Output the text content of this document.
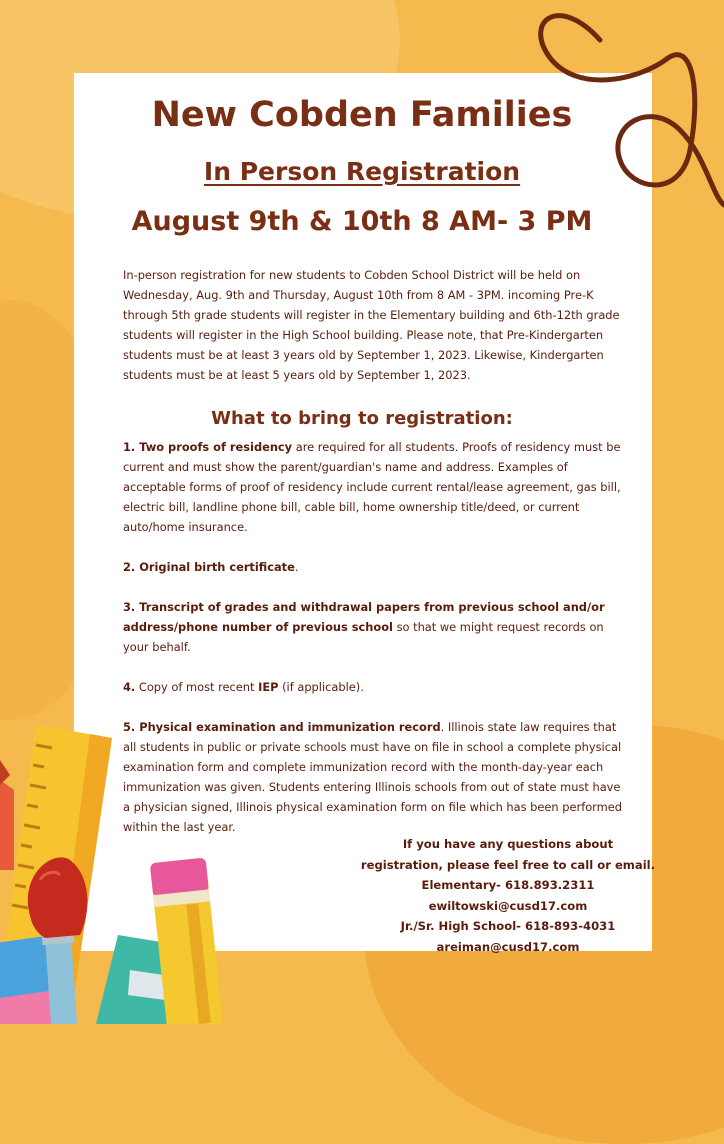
New Cobden Families
In Person Registration
August 9th & 10th 8 AM- 3 PM

In-person registration for new students to Cobden School District will be held on Wednesday, Aug. 9th and Thursday, August 10th from 8 AM - 3PM. incoming Pre-K through 5th grade students will register in the Elementary building and 6th-12th grade students will register in the High School building. Please note, that Pre-Kindergarten students must be at least 3 years old by September 1, 2023. Likewise, Kindergarten students must be at least 5 years old by September 1, 2023.

What to bring to registration:

1. Two proofs of residency are required for all students. Proofs of residency must be current and must show the parent/guardian's name and address. Examples of acceptable forms of proof of residency include current rental/lease agreement, gas bill, electric bill, landline phone bill, cable bill, home ownership title/deed, or current auto/home insurance.

2. Original birth certificate.

3. Transcript of grades and withdrawal papers from previous school and/or address/phone number of previous school so that we might request records on your behalf.

4. Copy of most recent IEP (if applicable).

5. Physical examination and immunization record. Illinois state law requires that all students in public or private schools must have on file in school a complete physical examination form and complete immunization record with the month-day-year each immunization was given. Students entering Illinois schools from out of state must have a physician signed, Illinois physical examination form on file which has been performed within the last year.

If you have any questions about
registration, please feel free to call or email.
Elementary- 618.893.2311
ewiltowski@cusd17.com
Jr./Sr. High School- 618-893-4031
areiman@cusd17.com
